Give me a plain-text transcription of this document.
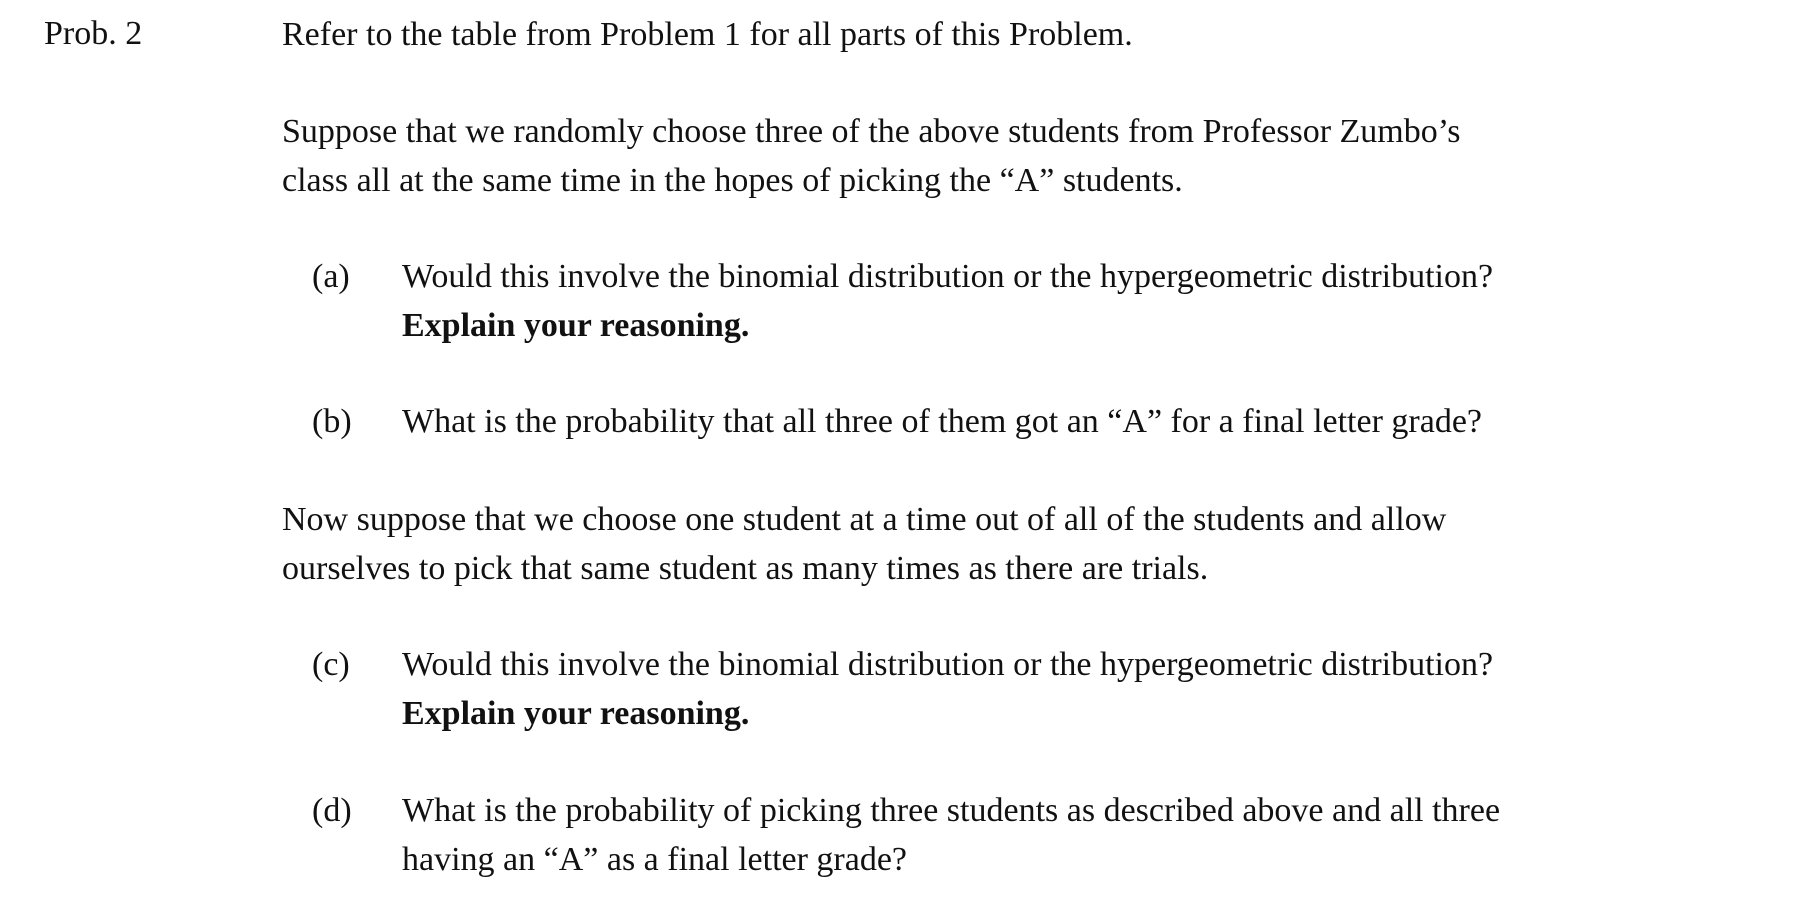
Prob. 2	Refer to the table from Problem 1 for all parts of this Problem.

Suppose that we randomly choose three of the above students from Professor Zumbo’s
class all at the same time in the hopes of picking the “A” students.

(a) Would this involve the binomial distribution or the hypergeometric distribution?
Explain your reasoning.
(b) What is the probability that all three of them got an “A” for a final letter grade?

Now suppose that we choose one student at a time out of all of the students and allow
ourselves to pick that same student as many times as there are trials.

(c) Would this involve the binomial distribution or the hypergeometric distribution?
Explain your reasoning.
(d) What is the probability of picking three students as described above and all three
having an “A” as a final letter grade?
